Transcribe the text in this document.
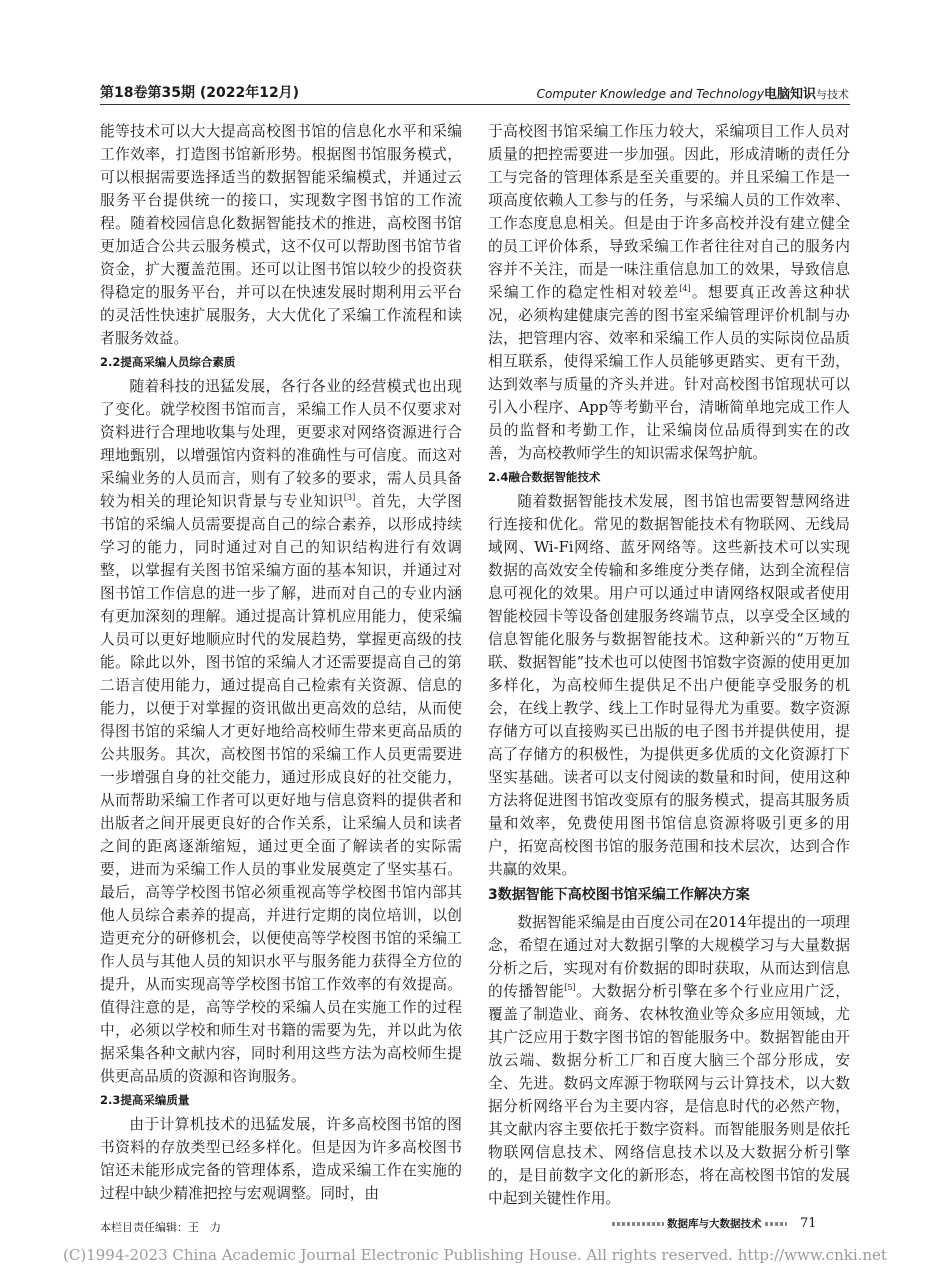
第18卷第35期 (2022年12月)	Computer Knowledge and Technology电脑知识与技术

能等技术可以大大提高高校图书馆的信息化水平和采编工作效率，打造图书馆新形势。根据图书馆服务模式，可以根据需要选择适当的数据智能采编模式，并通过云服务平台提供统一的接口，实现数字图书馆的工作流程。随着校园信息化数据智能技术的推进，高校图书馆更加适合公共云服务模式，这不仅可以帮助图书馆节省资金，扩大覆盖范围。还可以让图书馆以较少的投资获得稳定的服务平台，并可以在快速发展时期利用云平台的灵活性快速扩展服务，大大优化了采编工作流程和读者服务效益。

2.2提高采编人员综合素质

随着科技的迅猛发展，各行各业的经营模式也出现了变化。就学校图书馆而言，采编工作人员不仅要求对资料进行合理地收集与处理，更要求对网络资源进行合理地甄别，以增强馆内资料的准确性与可信度。而这对采编业务的人员而言，则有了较多的要求，需人员具备较为相关的理论知识背景与专业知识[3]。首先，大学图书馆的采编人员需要提高自己的综合素养，以形成持续学习的能力，同时通过对自己的知识结构进行有效调整，以掌握有关图书馆采编方面的基本知识，并通过对图书馆工作信息的进一步了解，进而对自己的专业内涵有更加深刻的理解。通过提高计算机应用能力，使采编人员可以更好地顺应时代的发展趋势，掌握更高级的技能。除此以外，图书馆的采编人才还需要提高自己的第二语言使用能力，通过提高自己检索有关资源、信息的能力，以便于对掌握的资讯做出更高效的总结，从而使得图书馆的采编人才更好地给高校师生带来更高品质的公共服务。其次，高校图书馆的采编工作人员更需要进一步增强自身的社交能力，通过形成良好的社交能力，从而帮助采编工作者可以更好地与信息资料的提供者和出版者之间开展更良好的合作关系，让采编人员和读者之间的距离逐渐缩短，通过更全面了解读者的实际需要，进而为采编工作人员的事业发展奠定了坚实基石。最后，高等学校图书馆必须重视高等学校图书馆内部其他人员综合素养的提高，并进行定期的岗位培训，以创造更充分的研修机会，以便使高等学校图书馆的采编工作人员与其他人员的知识水平与服务能力获得全方位的提升，从而实现高等学校图书馆工作效率的有效提高。值得注意的是，高等学校的采编人员在实施工作的过程中，必须以学校和师生对书籍的需要为先，并以此为依据采集各种文献内容，同时利用这些方法为高校师生提供更高品质的资源和咨询服务。

2.3提高采编质量

由于计算机技术的迅猛发展，许多高校图书馆的图书资料的存放类型已经多样化。但是因为许多高校图书馆还未能形成完备的管理体系，造成采编工作在实施的过程中缺少精准把控与宏观调整。同时，由

于高校图书馆采编工作压力较大，采编项目工作人员对质量的把控需要进一步加强。因此，形成清晰的责任分工与完备的管理体系是至关重要的。并且采编工作是一项高度依赖人工参与的任务，与采编人员的工作效率、工作态度息息相关。但是由于许多高校并没有建立健全的员工评价体系，导致采编工作者往往对自己的服务内容并不关注，而是一味注重信息加工的效果，导致信息采编工作的稳定性相对较差[4]。想要真正改善这种状况，必须构建健康完善的图书室采编管理评价机制与办法，把管理内容、效率和采编工作人员的实际岗位品质相互联系，使得采编工作人员能够更踏实、更有干劲，达到效率与质量的齐头并进。针对高校图书馆现状可以引入小程序、App等考勤平台，清晰简单地完成工作人员的监督和考勤工作，让采编岗位品质得到实在的改善，为高校教师学生的知识需求保驾护航。

2.4融合数据智能技术

随着数据智能技术发展，图书馆也需要智慧网络进行连接和优化。常见的数据智能技术有物联网、无线局域网、Wi-Fi网络、蓝牙网络等。这些新技术可以实现数据的高效安全传输和多维度分类存储，达到全流程信息可视化的效果。用户可以通过申请网络权限或者使用智能校园卡等设备创建服务终端节点，以享受全区域的信息智能化服务与数据智能技术。这种新兴的“万物互联、数据智能”技术也可以使图书馆数字资源的使用更加多样化，为高校师生提供足不出户便能享受服务的机会，在线上教学、线上工作时显得尤为重要。数字资源存储方可以直接购买已出版的电子图书并提供使用，提高了存储方的积极性，为提供更多优质的文化资源打下坚实基础。读者可以支付阅读的数量和时间，使用这种方法将促进图书馆改变原有的服务模式，提高其服务质量和效率，免费使用图书馆信息资源将吸引更多的用户，拓宽高校图书馆的服务范围和技术层次，达到合作共赢的效果。

3数据智能下高校图书馆采编工作解决方案

数据智能采编是由百度公司在2014年提出的一项理念，希望在通过对大数据引擎的大规模学习与大量数据分析之后，实现对有价数据的即时获取，从而达到信息的传播智能[5]。大数据分析引擎在多个行业应用广泛，覆盖了制造业、商务、农林牧渔业等众多应用领域，尤其广泛应用于数字图书馆的智能服务中。数据智能由开放云端、数据分析工厂和百度大脑三个部分形成，安全、先进。数码文库源于物联网与云计算技术，以大数据分析网络平台为主要内容，是信息时代的必然产物，其文献内容主要依托于数字资料。而智能服务则是依托物联网信息技术、网络信息技术以及大数据分析引擎的，是目前数字文化的新形态，将在高校图书馆的发展中起到关键性作用。

本栏目责任编辑：王　力	数据库与大数据技术	71
(C)1994-2023 China Academic Journal Electronic Publishing House. All rights reserved. http://www.cnki.net
